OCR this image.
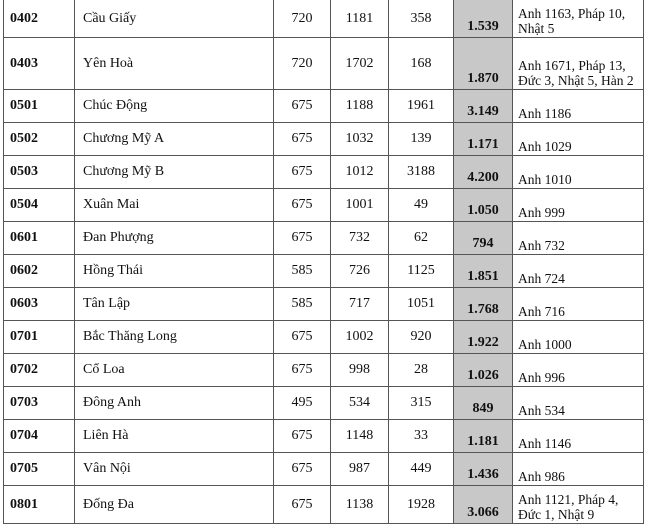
0402	Cầu Giấy	720	1181	358	1.539	Anh 1163, Pháp 10, Nhật 5
0403	Yên Hoà	720	1702	168	1.870	Anh 1671, Pháp 13, Đức 3, Nhật 5, Hàn 2
0501	Chúc Động	675	1188	1961	3.149	Anh 1186
0502	Chương Mỹ A	675	1032	139	1.171	Anh 1029
0503	Chương Mỹ B	675	1012	3188	4.200	Anh 1010
0504	Xuân Mai	675	1001	49	1.050	Anh 999
0601	Đan Phượng	675	732	62	794	Anh 732
0602	Hồng Thái	585	726	1125	1.851	Anh 724
0603	Tân Lập	585	717	1051	1.768	Anh 716
0701	Bắc Thăng Long	675	1002	920	1.922	Anh 1000
0702	Cổ Loa	675	998	28	1.026	Anh 996
0703	Đông Anh	495	534	315	849	Anh 534
0704	Liên Hà	675	1148	33	1.181	Anh 1146
0705	Vân Nội	675	987	449	1.436	Anh 986
0801	Đống Đa	675	1138	1928	3.066	Anh 1121, Pháp 4, Đức 1, Nhật 9
